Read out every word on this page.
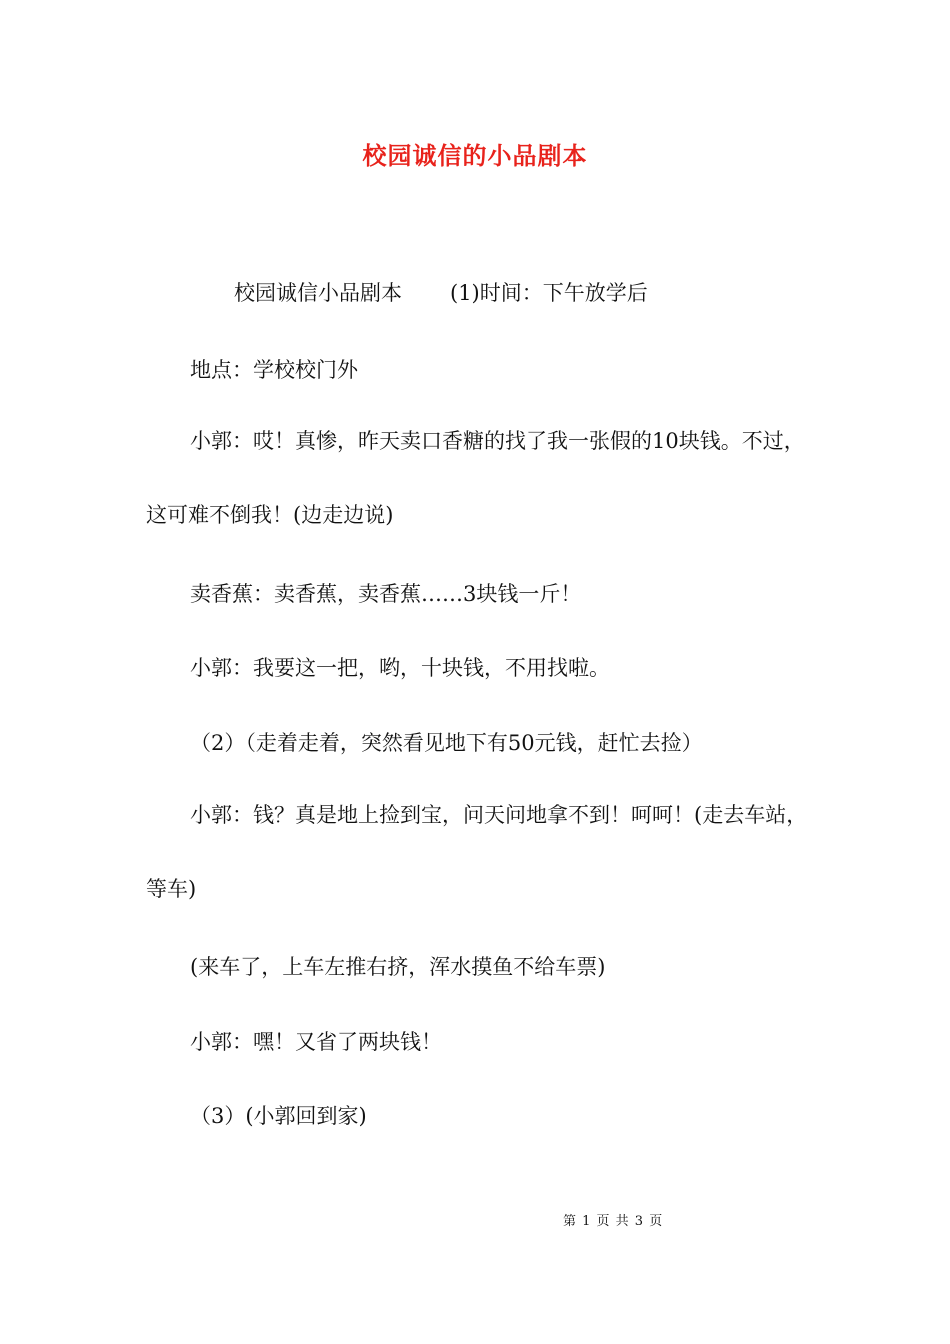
校园诚信的小品剧本
校园诚信小品剧本 (1)时间：下午放学后
地点：学校校门外
小郭：哎！真惨，昨天卖口香糖的找了我一张假的10块钱。不过，这可难不倒我！(边走边说)
卖香蕉：卖香蕉，卖香蕉……3块钱一斤！
小郭：我要这一把，哟，十块钱，不用找啦。
（2）（走着走着，突然看见地下有50元钱，赶忙去捡）
小郭：钱？真是地上捡到宝，问天问地拿不到！呵呵！(走去车站，等车)
(来车了，上车左推右挤，浑水摸鱼不给车票)
小郭：嘿！又省了两块钱！
（3）(小郭回到家)
第 1 页 共 3 页
